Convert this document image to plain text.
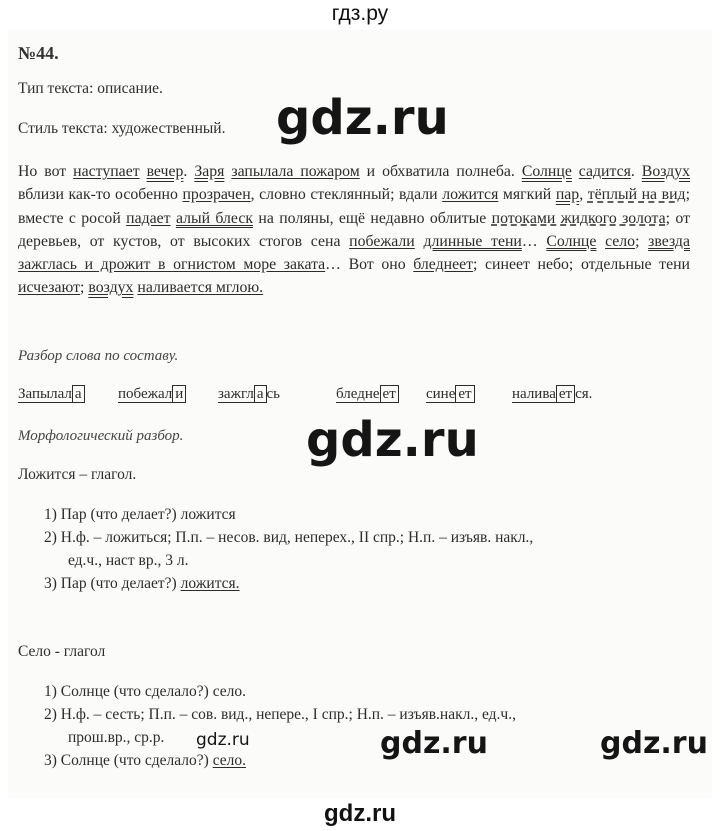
гдз.ру
№44.
Тип текста: описание.
Стиль текста: художественный. gdz.ru
Но вот наступает вечер. Заря запылала пожаром и обхватила полнеба. Солнце садится. Воздух вблизи как-то особенно прозрачен, словно стеклянный; вдали ложится мягкий пар, тёплый на вид; вместе с росой падает алый блеск на поляны, ещё недавно облитые потоками жидкого золота; от деревьев, от кустов, от высоких стогов сена побежали длинные тени… Солнце село; звезда зажглась и дрожит в огнистом море заката… Вот оно бледнеет; синеет небо; отдельные тени исчезают; воздух наливается мглою.
Разбор слова по составу.
Запылал а побежал и зажгл а сь	бледне ет сине ет	налива ет ся.
Морфологический разбор.	gdz.ru
Ложится – глагол.
1) Пар (что делает?) ложится
2) Н.ф. – ложиться; П.п. – несов. вид, неперех., II спр.; Н.п. – изъяв. накл.,
ед.ч., наст вр., 3 л.
3) Пар (что делает?) ложится.
Село - глагол
1) Солнце (что сделало?) село.
2) Н.ф. – сесть; П.п. – сов. вид., непере., I спр.; Н.п. – изъяв.накл., ед.ч.,
прош.вр., ср.р.
3) Солнце (что сделало?) село.
gdz.ru	gdz.ru	gdz.ru
gdz.ru
